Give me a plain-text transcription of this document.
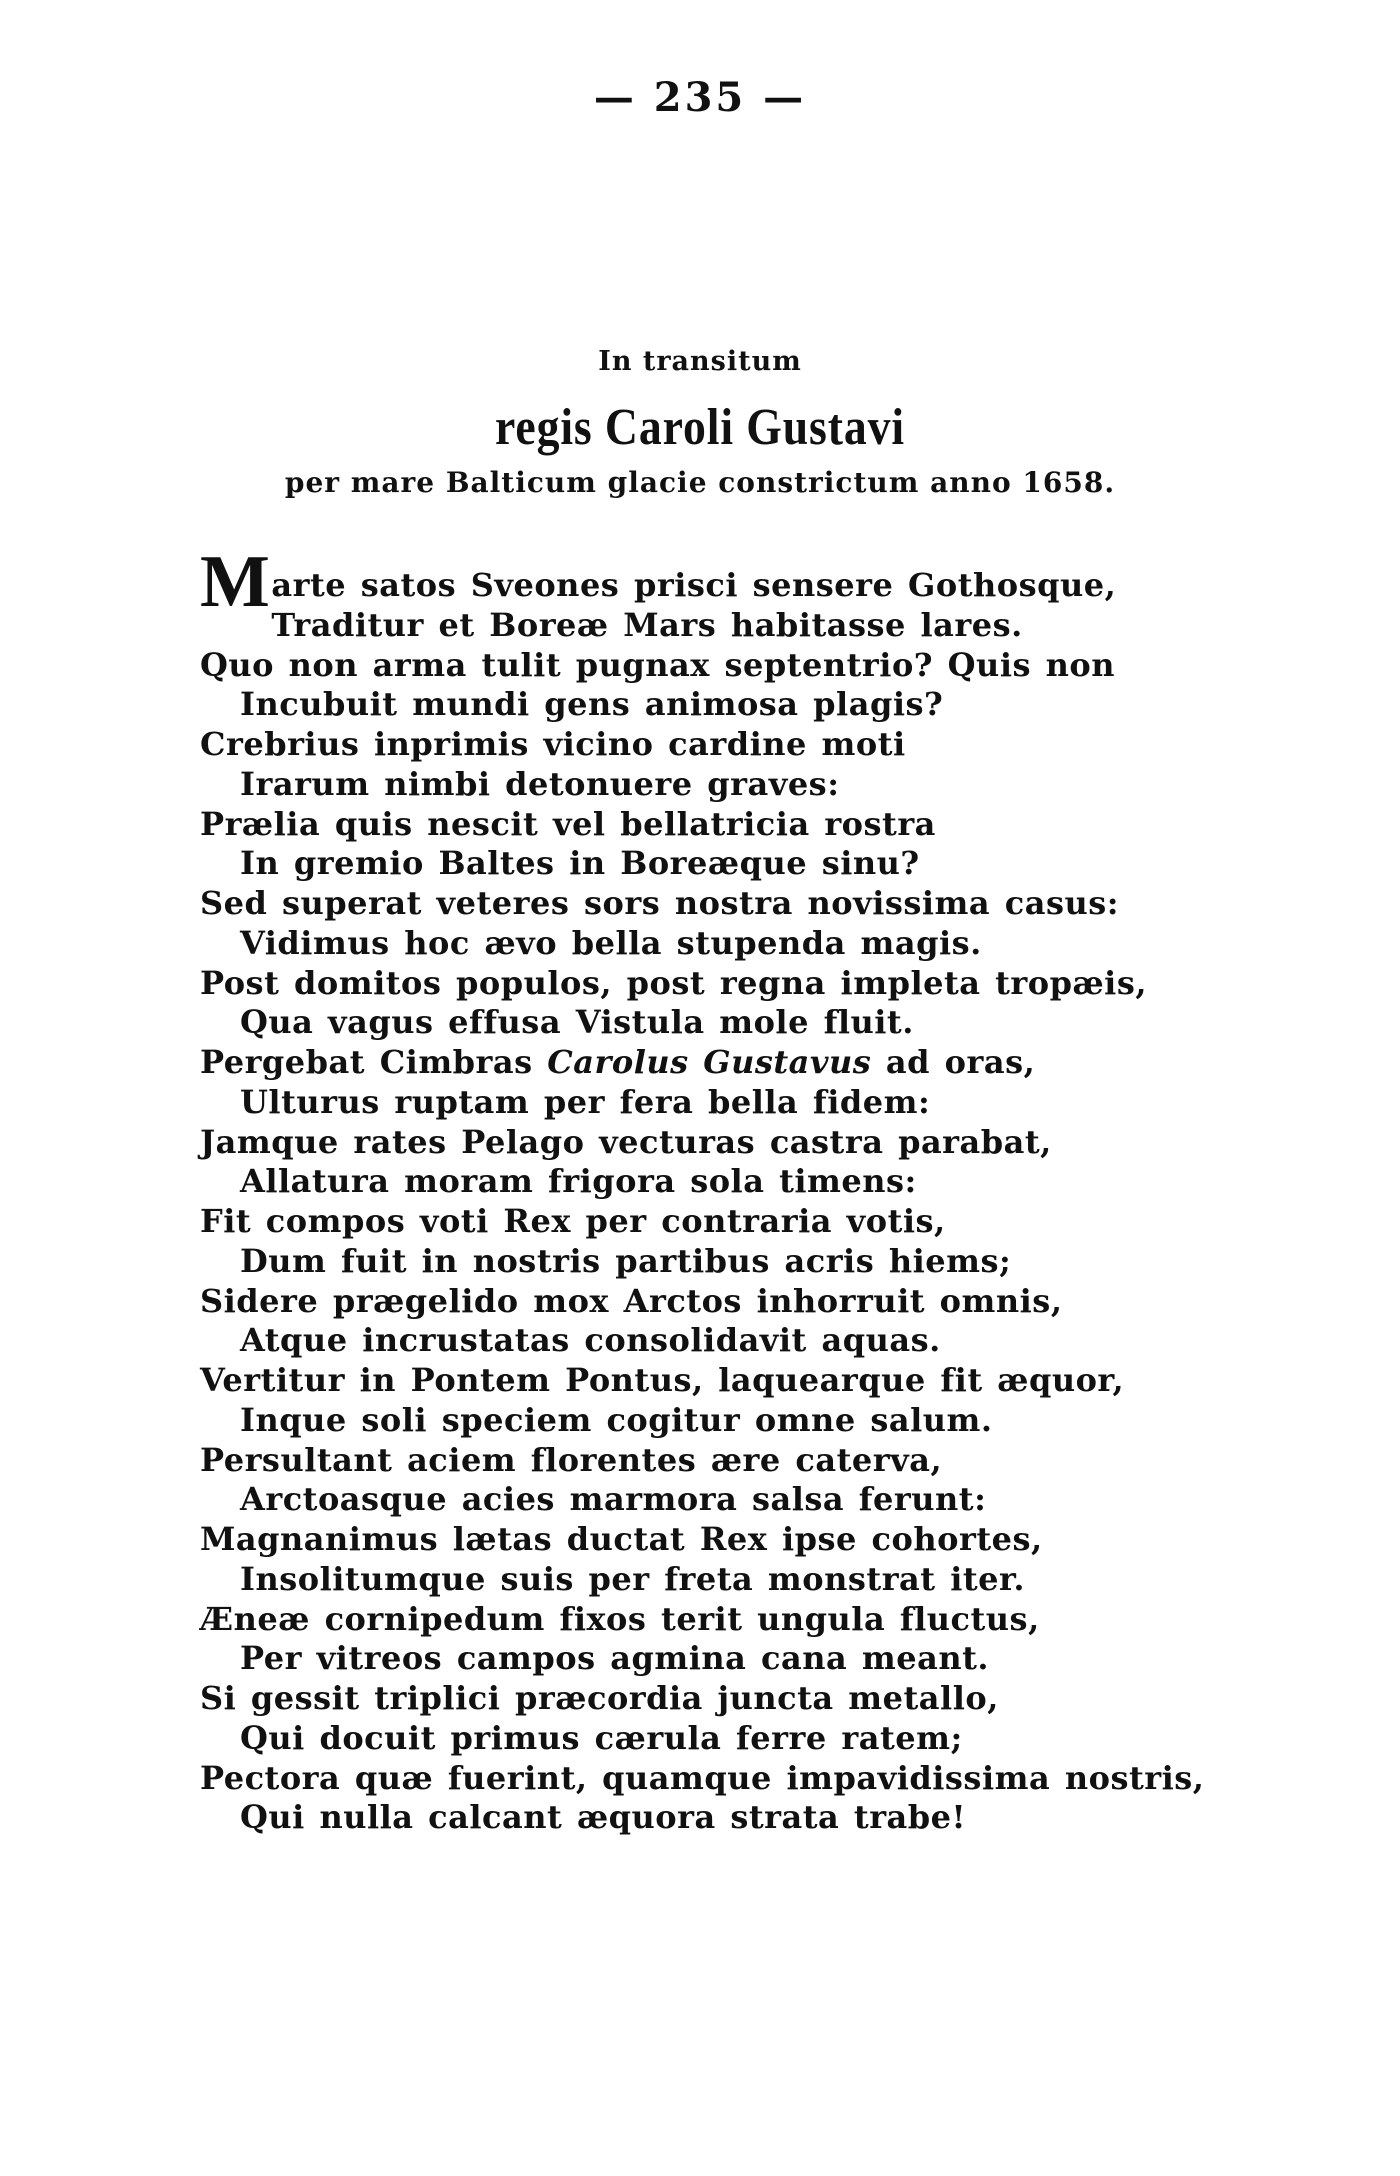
— 235 —
In transitum
regis Caroli Gustavi
per mare Balticum glacie constrictum anno 1658.
M arte satos Sveones prisci sensere Gothosque,
Traditur et Boreæ Mars habitasse lares.
Quo non arma tulit pugnax septentrio? Quis non
Incubuit mundi gens animosa plagis?
Crebrius inprimis vicino cardine moti
Irarum nimbi detonuere graves:
Prælia quis nescit vel bellatricia rostra
In gremio Baltes in Boreæque sinu?
Sed superat veteres sors nostra novissima casus:
Vidimus hoc ævo bella stupenda magis.
Post domitos populos, post regna impleta tropæis,
Qua vagus effusa Vistula mole fluit.
Pergebat Cimbras Carolus Gustavus ad oras,
Ulturus ruptam per fera bella fidem:
Jamque rates Pelago vecturas castra parabat,
Allatura moram frigora sola timens:
Fit compos voti Rex per contraria votis,
Dum fuit in nostris partibus acris hiems;
Sidere prægelido mox Arctos inhorruit omnis,
Atque incrustatas consolidavit aquas.
Vertitur in Pontem Pontus, laquearque fit æquor,
Inque soli speciem cogitur omne salum.
Persultant aciem florentes ære caterva,
Arctoasque acies marmora salsa ferunt:
Magnanimus lætas ductat Rex ipse cohortes,
Insolitumque suis per freta monstrat iter.
Æneæ cornipedum fixos terit ungula fluctus,
Per vitreos campos agmina cana meant.
Si gessit triplici præcordia juncta metallo,
Qui docuit primus cærula ferre ratem;
Pectora quæ fuerint, quamque impavidissima nostris,
Qui nulla calcant æquora strata trabe!
